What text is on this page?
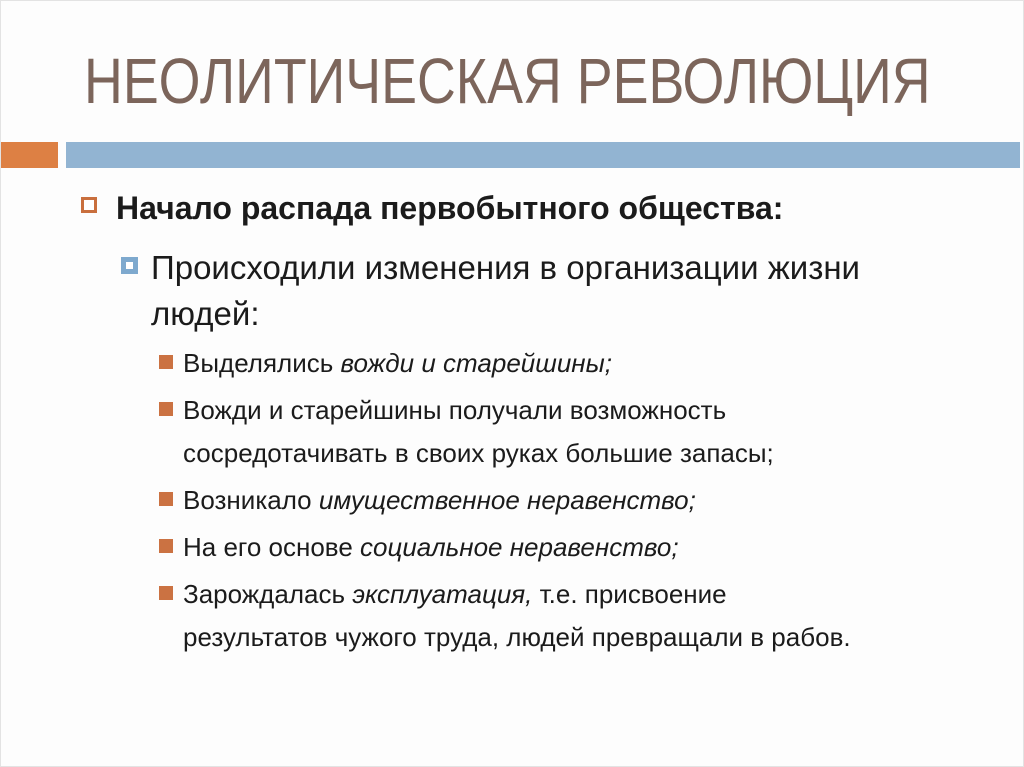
НЕОЛИТИЧЕСКАЯ РЕВОЛЮЦИЯ
Начало распада первобытного общества:
Происходили изменения в организации жизни
людей:
Выделялись вожди и старейшины;
Вожди и старейшины получали возможность
сосредотачивать в своих руках большие запасы;
Возникало имущественное неравенство;
На его основе социальное неравенство;
Зарождалась эксплуатация, т.е. присвоение
результатов чужого труда, людей превращали в рабов.
